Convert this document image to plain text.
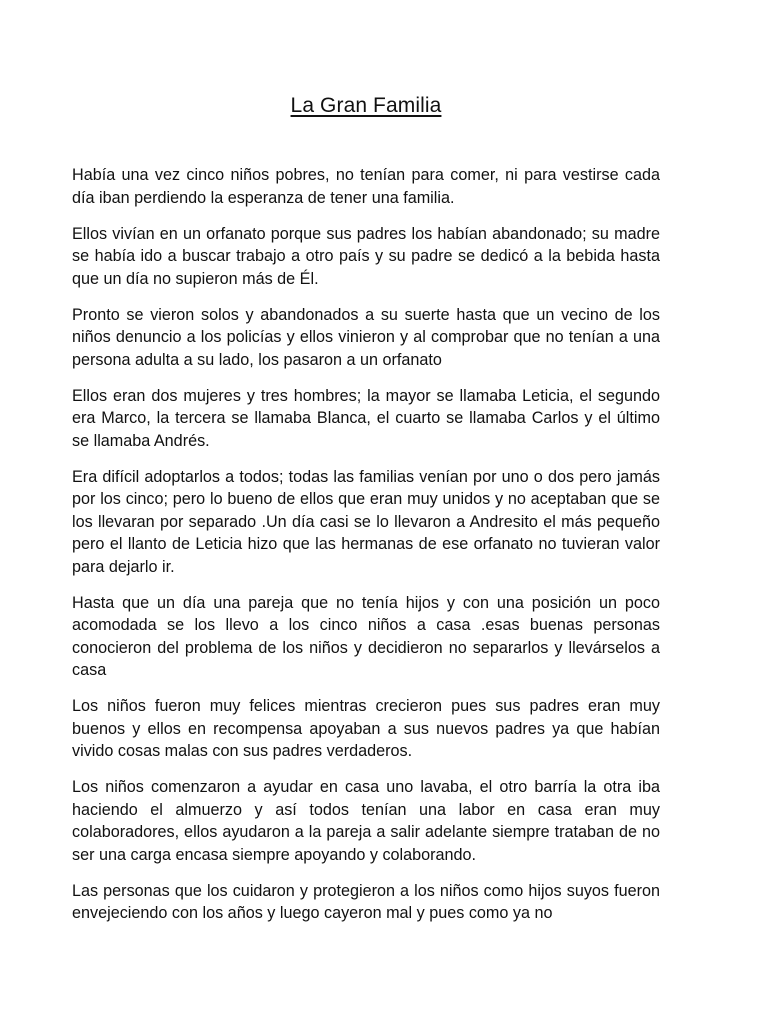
La Gran Familia

Había una vez cinco niños pobres, no tenían para comer, ni para vestirse cada día iban perdiendo la esperanza de tener una familia.

Ellos vivían en un orfanato porque sus padres los habían abandonado; su madre se había ido a buscar trabajo a otro país y su padre se dedicó a la bebida hasta que un día no supieron más de Él.

Pronto se vieron solos y abandonados a su suerte hasta que un vecino de los niños denuncio a los policías y ellos vinieron y al comprobar que no tenían a una persona adulta a su lado, los pasaron a un orfanato

Ellos eran dos mujeres y tres hombres; la mayor se llamaba Leticia, el segundo era Marco, la tercera se llamaba Blanca, el cuarto se llamaba Carlos y el último se llamaba Andrés.

Era difícil adoptarlos a todos; todas las familias venían por uno o dos pero jamás por los cinco; pero lo bueno de ellos que eran muy unidos y no aceptaban que se los llevaran por separado .Un día casi se lo llevaron a Andresito el más pequeño pero el llanto de Leticia hizo que las hermanas de ese orfanato no tuvieran valor para dejarlo ir.

Hasta que un día una pareja que no tenía hijos y con una posición un poco acomodada se los llevo a los cinco niños a casa .esas buenas personas conocieron del problema de los niños y decidieron no separarlos y llevárselos a casa

Los niños fueron muy felices mientras crecieron pues sus padres eran muy buenos y ellos en recompensa apoyaban a sus nuevos padres ya que habían vivido cosas malas con sus padres verdaderos.

Los niños comenzaron a ayudar en casa uno lavaba, el otro barría la otra iba haciendo el almuerzo y así todos tenían una labor en casa eran muy colaboradores, ellos ayudaron a la pareja a salir adelante siempre trataban de no ser una carga encasa siempre apoyando y colaborando.

Las personas que los cuidaron y protegieron a los niños como hijos suyos fueron envejeciendo con los años y luego cayeron mal y pues como ya no
